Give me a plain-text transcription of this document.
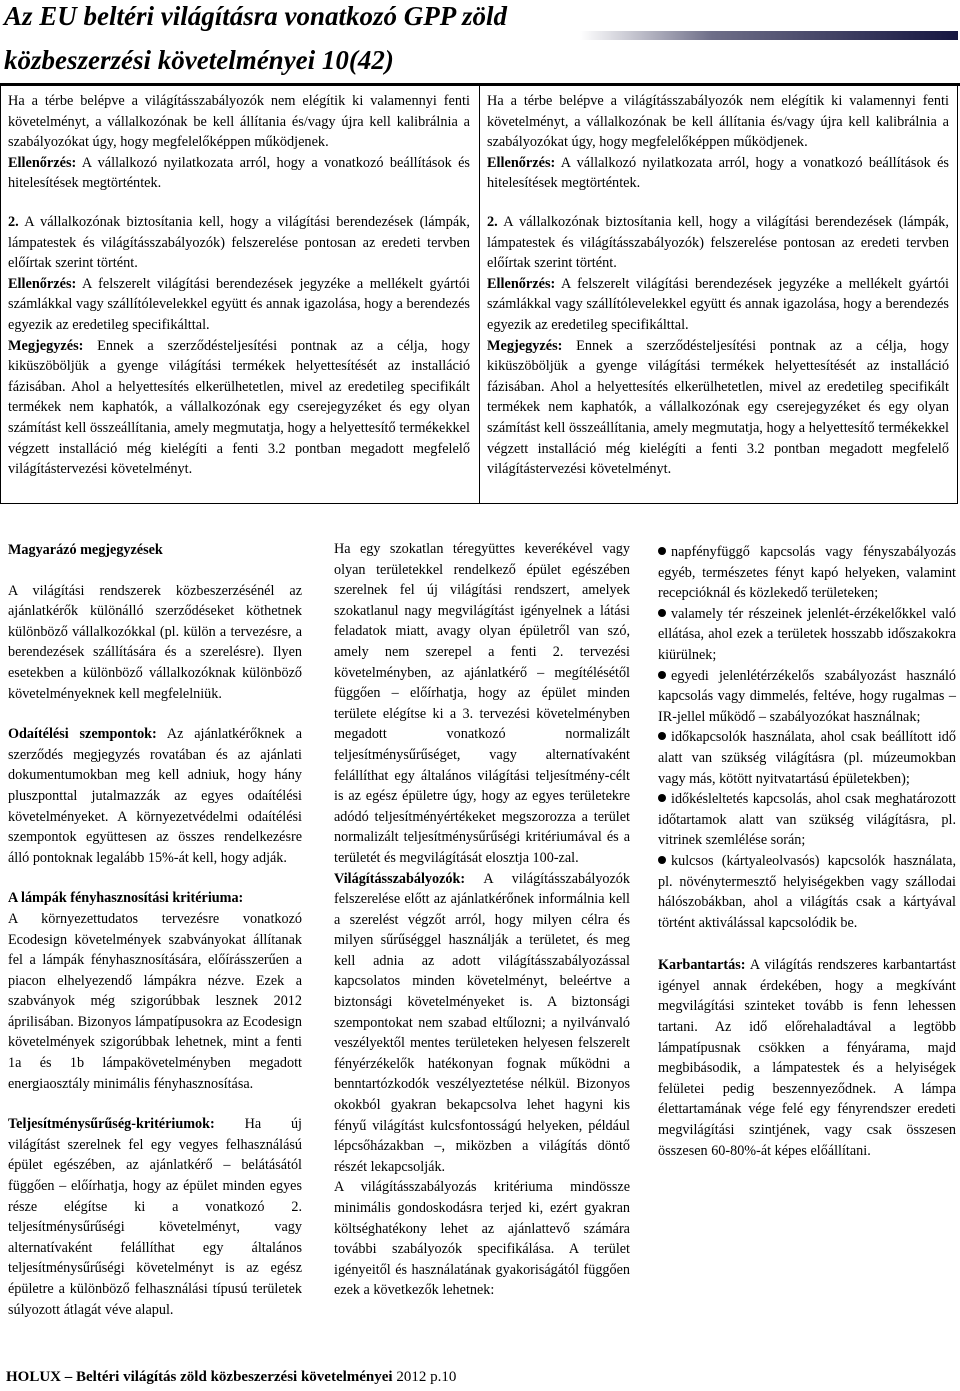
Az EU beltéri világításra vonatkozó GPP zöld
közbeszerzési követelményei 10(42)

Ha a térbe belépve a világításszabályozók nem elégítik ki valamennyi fenti követelményt, a vállalkozónak be kell állítania és/vagy újra kell kalibrálnia a szabályozókat úgy, hogy megfelelőképpen működjenek.

Ellenőrzés: A vállalkozó nyilatkozata arról, hogy a vonatkozó beállítások és hitelesítések megtörténtek.

2. A vállalkozónak biztosítania kell, hogy a világítási berendezések (lámpák, lámpatestek és világításszabályozók) felszerelése pontosan az eredeti tervben előírtak szerint történt.

Ellenőrzés: A felszerelt világítási berendezések jegyzéke a mellékelt gyártói számlákkal vagy szállítólevelekkel együtt és annak igazolása, hogy a berendezés egyezik az eredetileg specifikálttal.

Megjegyzés: Ennek a szerződésteljesítési pontnak az a célja, hogy kiküszöböljük a gyenge világítási termékek helyettesítését az installáció fázisában. Ahol a helyettesítés elkerülhetetlen, mivel az eredetileg specifikált termékek nem kaphatók, a vállalkozónak egy cserejegyzéket és egy olyan számítást kell összeállítania, amely megmutatja, hogy a helyettesítő termékekkel végzett installáció még kielégíti a fenti 3.2 pontban megadott megfelelő világítástervezési követelményt.

Ha a térbe belépve a világításszabályozók nem elégítik ki valamennyi fenti követelményt, a vállalkozónak be kell állítania és/vagy újra kell kalibrálnia a szabályozókat úgy, hogy megfelelőképpen működjenek.

Ellenőrzés: A vállalkozó nyilatkozata arról, hogy a vonatkozó beállítások és hitelesítések megtörténtek.

2. A vállalkozónak biztosítania kell, hogy a világítási berendezések (lámpák, lámpatestek és világításszabályozók) felszerelése pontosan az eredeti tervben előírtak szerint történt.

Ellenőrzés: A felszerelt világítási berendezések jegyzéke a mellékelt gyártói számlákkal vagy szállítólevelekkel együtt és annak igazolása, hogy a berendezés egyezik az eredetileg specifikálttal.

Megjegyzés: Ennek a szerződésteljesítési pontnak az a célja, hogy kiküszöböljük a gyenge világítási termékek helyettesítését az installáció fázisában. Ahol a helyettesítés elkerülhetetlen, mivel az eredetileg specifikált termékek nem kaphatók, a vállalkozónak egy cserejegyzéket és egy olyan számítást kell összeállítania, amely megmutatja, hogy a helyettesítő termékekkel végzett installáció még kielégíti a fenti 3.2 pontban megadott megfelelő világítástervezési követelményt.

Magyarázó megjegyzések

A világítási rendszerek közbeszerzésénél az ajánlatkérők különálló szerződéseket köthetnek különböző vállalkozókkal (pl. külön a tervezésre, a berendezések szállítására és a szerelésre). Ilyen esetekben a különböző vállalkozóknak különböző követelményeknek kell megfelelniük.

Odaítélési szempontok: Az ajánlatkérőknek a szerződés megjegyzés rovatában és az ajánlati dokumentumokban meg kell adniuk, hogy hány pluszponttal jutalmazzák az egyes odaítélési követelményeket. A környezetvédelmi odaítélési szempontok együttesen az összes rendelkezésre álló pontoknak legalább 15%-át kell, hogy adják.

A lámpák fényhasznosítási kritériuma:

A környezettudatos tervezésre vonatkozó Ecodesign követelmények szabványokat állítanak fel a lámpák fényhasznosítására, előírásszerűen a piacon elhelyezendő lámpákra nézve. Ezek a szabványok még szigorúbbak lesznek 2012 áprilisában. Bizonyos lámpatípusokra az Ecodesign követelmények szigorúbbak lehetnek, mint a fenti 1a és 1b lámpakövetelményben megadott energiaosztály minimális fényhasznosítása.

Teljesítménysűrűség-kritériumok: Ha új világítást szerelnek fel egy vegyes felhasználású épület egészében, az ajánlatkérő – belátásától függően – előírhatja, hogy az épület minden egyes része elégítse ki a vonatkozó 2. teljesítménysűrűségi követelményt, vagy alternatívaként felállíthat egy általános teljesítménysűrűségi követelményt is az egész épületre a különböző felhasználási típusú területek súlyozott átlagát véve alapul.

Ha egy szokatlan téregyüttes keverékével vagy olyan területekkel rendelkező épület egészében szerelnek fel új világítási rendszert, amelyek szokatlanul nagy megvilágítást igényelnek a látási feladatok miatt, avagy olyan épületről van szó, amely nem szerepel a fenti 2. tervezési követelményben, az ajánlatkérő – megítélésétől függően – előírhatja, hogy az épület minden területe elégítse ki a 3. tervezési követelményben megadott vonatkozó normalizált teljesítménysűrűséget, vagy alternatívaként felállíthat egy általános világítási teljesítmény-célt is az egész épületre úgy, hogy az egyes területekre adódó teljesítményértékeket megszorozza a terület normalizált teljesítménysűrűségi kritériumával és a területét és megvilágítását elosztja 100-zal.

Világításszabályozók: A világításszabályozók felszerelése előtt az ajánlatkérőnek informálnia kell a szerelést végzőt arról, hogy milyen célra és milyen sűrűséggel használják a területet, és meg kell adnia az adott világításszabályozással kapcsolatos minden követelményt, beleértve a biztonsági követelményeket is. A biztonsági szempontokat nem szabad eltűlozni; a nyilvánvaló veszélyektől mentes területeken helyesen felszerelt fényérzékelők hatékonyan fognak működni a benntartózkodók veszélyeztetése nélkül. Bizonyos okokból gyakran bekapcsolva lehet hagyni kis fényű világítást kulcsfontosságú helyeken, például lépcsőházakban –, miközben a világítás döntő részét lekapcsolják.

A világításszabályozás kritériuma mindössze minimális gondoskodásra terjed ki, ezért gyakran költséghatékony lehet az ajánlattevő számára további szabályozók specifikálása. A terület igényeitől és használatának gyakoriságától függően ezek a következők lehetnek:

napfényfüggő kapcsolás vagy fényszabályozás egyéb, természetes fényt kapó helyeken, valamint recepcióknál és közlekedő területeken;

valamely tér részeinek jelenlét-érzékelőkkel való ellátása, ahol ezek a területek hosszabb időszakokra kiürülnek;

egyedi jelenlétérzékelős szabályozást használó kapcsolás vagy dimmelés, feltéve, hogy rugalmas – IR-jellel működő – szabályozókat használnak;

időkapcsolók használata, ahol csak beállított idő alatt van szükség világításra (pl. múzeumokban vagy más, kötött nyitvatartású épületekben);

időkésleltetés kapcsolás, ahol csak meghatározott időtartamok alatt van szükség világításra, pl. vitrinek szemlélése során;

kulcsos (kártyaleolvasós) kapcsolók használata, pl. növénytermesztő helyiségekben vagy szállodai hálószobákban, ahol a világítás csak a kártyával történt aktiválással kapcsolódik be.

Karbantartás: A világítás rendszeres karbantartást igényel annak érdekében, hogy a megkívánt megvilágítási szinteket tovább is fenn lehessen tartani. Az idő előrehaladtával a legtöbb lámpatípusnak csökken a fényárama, majd megbibásodik, a lámpatestek és a helyiségek felületei pedig beszennyeződnek. A lámpa élettartamának vége felé egy fényrendszer eredeti megvilágítási szintjének, vagy csak összesen összesen 60-80%-át képes előállítani.

HOLUX – Beltéri világítás zöld közbeszerzési követelményei 2012 p.10
